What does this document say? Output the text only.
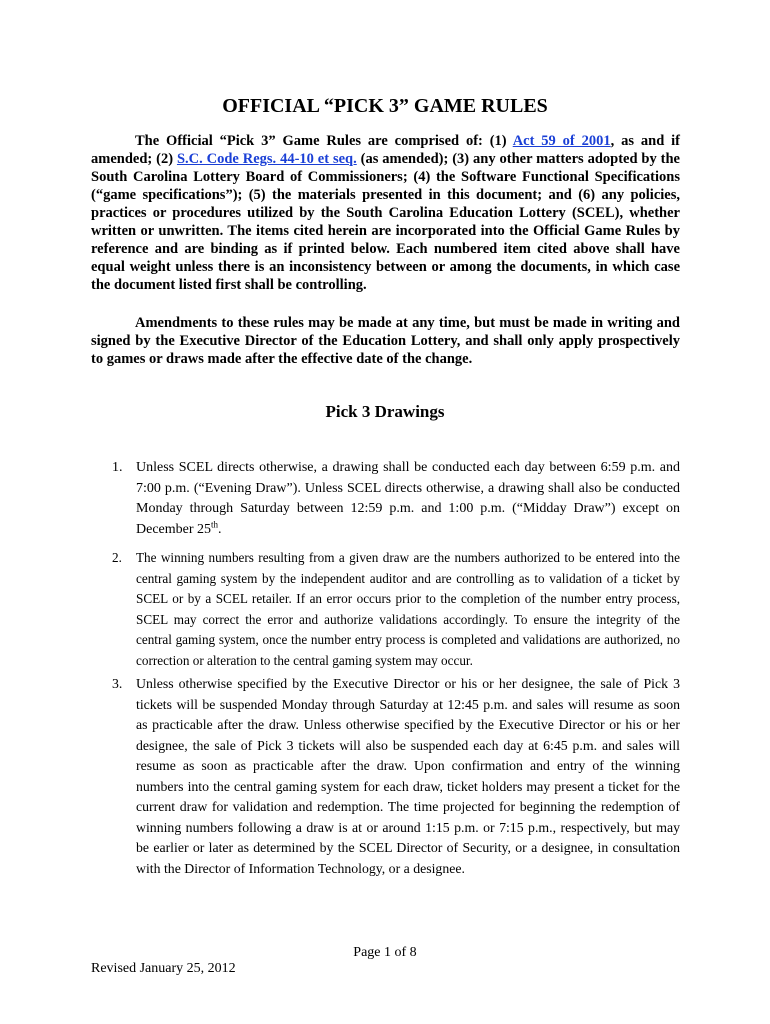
OFFICIAL “PICK 3” GAME RULES

The Official “Pick 3” Game Rules are comprised of: (1) Act 59 of 2001, as and if amended; (2) S.C. Code Regs. 44-10 et seq. (as amended); (3) any other matters adopted by the South Carolina Lottery Board of Commissioners; (4) the Software Functional Specifications (“game specifications”); (5) the materials presented in this document; and (6) any policies, practices or procedures utilized by the South Carolina Education Lottery (SCEL), whether written or unwritten. The items cited herein are incorporated into the Official Game Rules by reference and are binding as if printed below. Each numbered item cited above shall have equal weight unless there is an inconsistency between or among the documents, in which case the document listed first shall be controlling.

Amendments to these rules may be made at any time, but must be made in writing and signed by the Executive Director of the Education Lottery, and shall only apply prospectively to games or draws made after the effective date of the change.

Pick 3 Drawings
1. Unless SCEL directs otherwise, a drawing shall be conducted each day between 6:59 p.m. and 7:00 p.m. (“Evening Draw”). Unless SCEL directs otherwise, a drawing shall also be conducted Monday through Saturday between 12:59 p.m. and 1:00 p.m. (“Midday Draw”) except on December 25th.
2. The winning numbers resulting from a given draw are the numbers authorized to be entered into the central gaming system by the independent auditor and are controlling as to validation of a ticket by SCEL or by a SCEL retailer. If an error occurs prior to the completion of the number entry process, SCEL may correct the error and authorize validations accordingly. To ensure the integrity of the central gaming system, once the number entry process is completed and validations are authorized, no correction or alteration to the central gaming system may occur.
3. Unless otherwise specified by the Executive Director or his or her designee, the sale of Pick 3 tickets will be suspended Monday through Saturday at 12:45 p.m. and sales will resume as soon as practicable after the draw. Unless otherwise specified by the Executive Director or his or her designee, the sale of Pick 3 tickets will also be suspended each day at 6:45 p.m. and sales will resume as soon as practicable after the draw. Upon confirmation and entry of the winning numbers into the central gaming system for each draw, ticket holders may present a ticket for the current draw for validation and redemption. The time projected for beginning the redemption of winning numbers following a draw is at or around 1:15 p.m. or 7:15 p.m., respectively, but may be earlier or later as determined by the SCEL Director of Security, or a designee, in consultation with the Director of Information Technology, or a designee.

Page 1 of 8

Revised January 25, 2012
